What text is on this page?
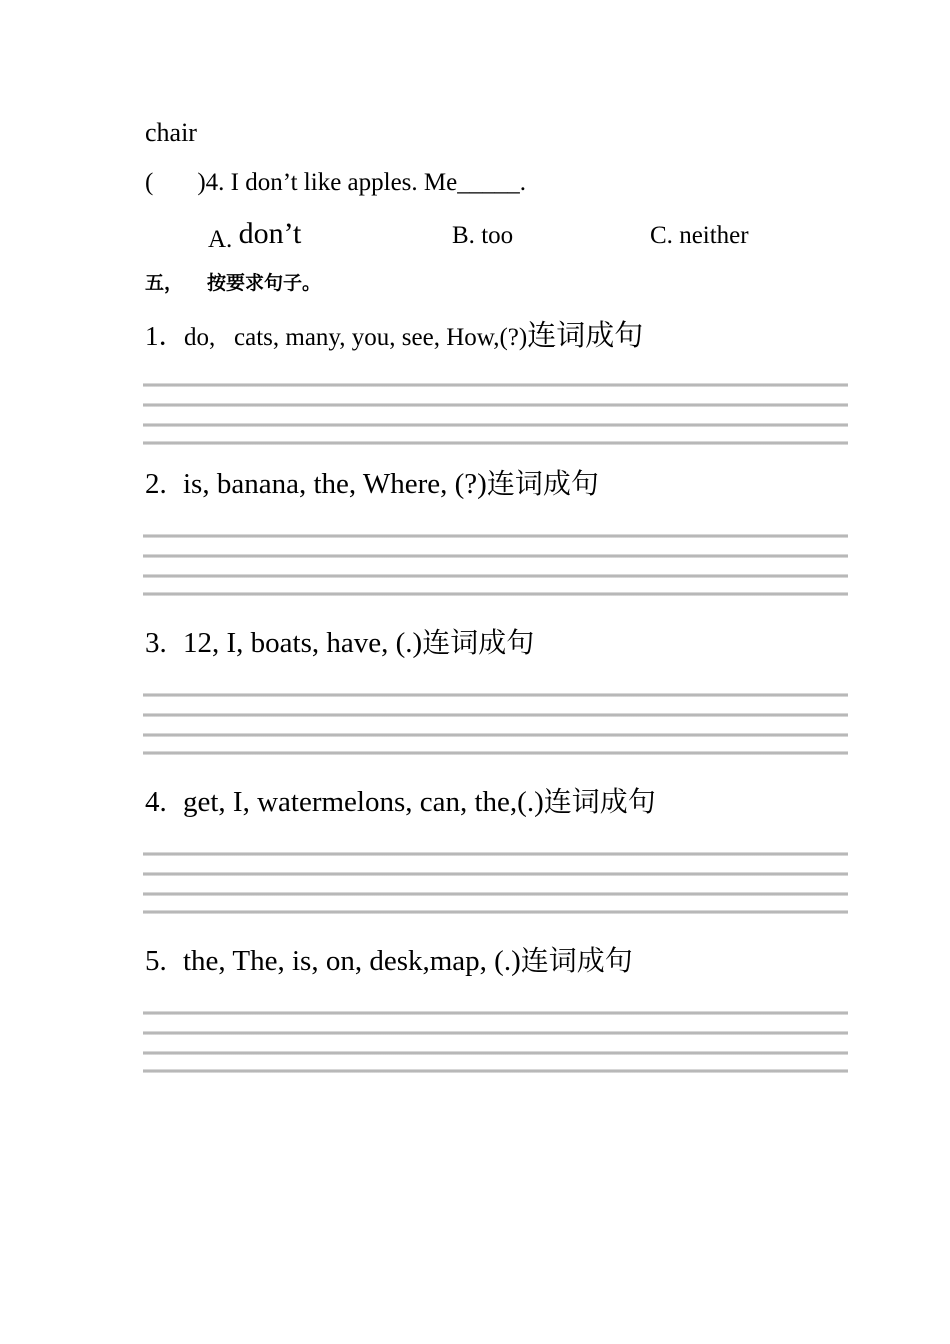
chair
( )4. I don’t like apples. Me_____.
A. don’t	B. too	C. neither
五， 按要求句子。
1．do,   cats, many, you, see, How,(?)连词成句
2. is, banana, the, Where, (?)连词成句
3. 12, I, boats, have, (.)连词成句
4. get, I, watermelons, can, the,(.)连词成句
5. the, The, is, on, desk,map, (.)连词成句
